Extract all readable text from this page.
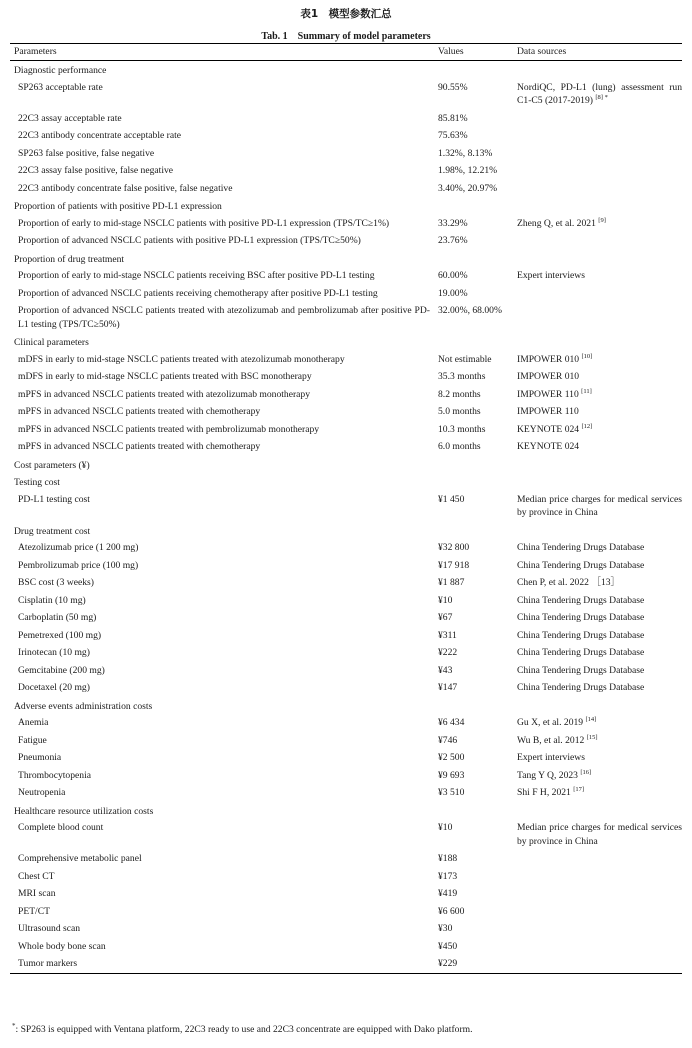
表1　模型参数汇总
Tab. 1　Summary of model parameters
Parameters	Values	Data sources
Diagnostic performance		
SP263 acceptable rate	90.55%	NordiQC, PD-L1 (lung) assessment run C1-C5 (2017-2019) $^{[8] *}$
22C3 assay acceptable rate	85.81%	
22C3 antibody concentrate acceptable rate	75.63%	
SP263 false positive, false negative	1.32%, 8.13%	
22C3 assay false positive, false negative	1.98%, 12.21%	
22C3 antibody concentrate false positive, false negative	3.40%, 20.97%	
Proportion of patients with positive PD-L1 expression		
Proportion of early to mid-stage NSCLC patients with positive PD-L1 expression (TPS/TC≥1%)	33.29%	Zheng Q, et al. 2021 [9]
Proportion of advanced NSCLC patients with positive PD-L1 expression (TPS/TC≥50%)	23.76%	
Proportion of drug treatment		
Proportion of early to mid-stage NSCLC patients receiving BSC after positive PD-L1 testing	60.00%	Expert interviews
Proportion of advanced NSCLC patients receiving chemotherapy after positive PD-L1 testing	19.00%	
Proportion of advanced NSCLC patients treated with atezolizumab and pembrolizumab after positive PD-L1 testing (TPS/TC≥50%)	32.00%, 68.00%	
Clinical parameters		
mDFS in early to mid-stage NSCLC patients treated with atezolizumab monotherapy	Not estimable	IMPOWER 010 [10]
mDFS in early to mid-stage NSCLC patients treated with BSC monotherapy	35.3 months	IMPOWER 010
mPFS in advanced NSCLC patients treated with atezolizumab monotherapy	8.2 months	IMPOWER 110 [11]
mPFS in advanced NSCLC patients treated with chemotherapy	5.0 months	IMPOWER 110
mPFS in advanced NSCLC patients treated with pembrolizumab monotherapy	10.3 months	KEYNOTE 024 [12]
mPFS in advanced NSCLC patients treated with chemotherapy	6.0 months	KEYNOTE 024
Cost parameters (¥)		
Testing cost		
PD-L1 testing cost	¥1 450	Median price charges for medical services by province in China
Drug treatment cost		
Atezolizumab price (1 200 mg)	¥32 800	China Tendering Drugs Database
Pembrolizumab price (100 mg)	¥17 918	China Tendering Drugs Database
BSC cost (3 weeks)	¥1 887	Chen P, et al. 2022 ［13］
Cisplatin (10 mg)	¥10	China Tendering Drugs Database
Carboplatin (50 mg)	¥67	China Tendering Drugs Database
Pemetrexed (100 mg)	¥311	China Tendering Drugs Database
Irinotecan (10 mg)	¥222	China Tendering Drugs Database
Gemcitabine (200 mg)	¥43	China Tendering Drugs Database
Docetaxel (20 mg)	¥147	China Tendering Drugs Database
Adverse events administration costs		
Anemia	¥6 434	Gu X, et al. 2019 [14]
Fatigue	¥746	Wu B, et al. 2012 [15]
Pneumonia	¥2 500	Expert interviews
Thrombocytopenia	¥9 693	Tang Y Q, 2023 [16]
Neutropenia	¥3 510	Shi F H, 2021 [17]
Healthcare resource utilization costs		
Complete blood count	¥10	Median price charges for medical services by province in China
Comprehensive metabolic panel	¥188	
Chest CT	¥173	
MRI scan	¥419	
PET/CT	¥6 600	
Ultrasound scan	¥30	
Whole body bone scan	¥450	
Tumor markers	¥229	
*: SP263 is equipped with Ventana platform, 22C3 ready to use and 22C3 concentrate are equipped with Dako platform.
